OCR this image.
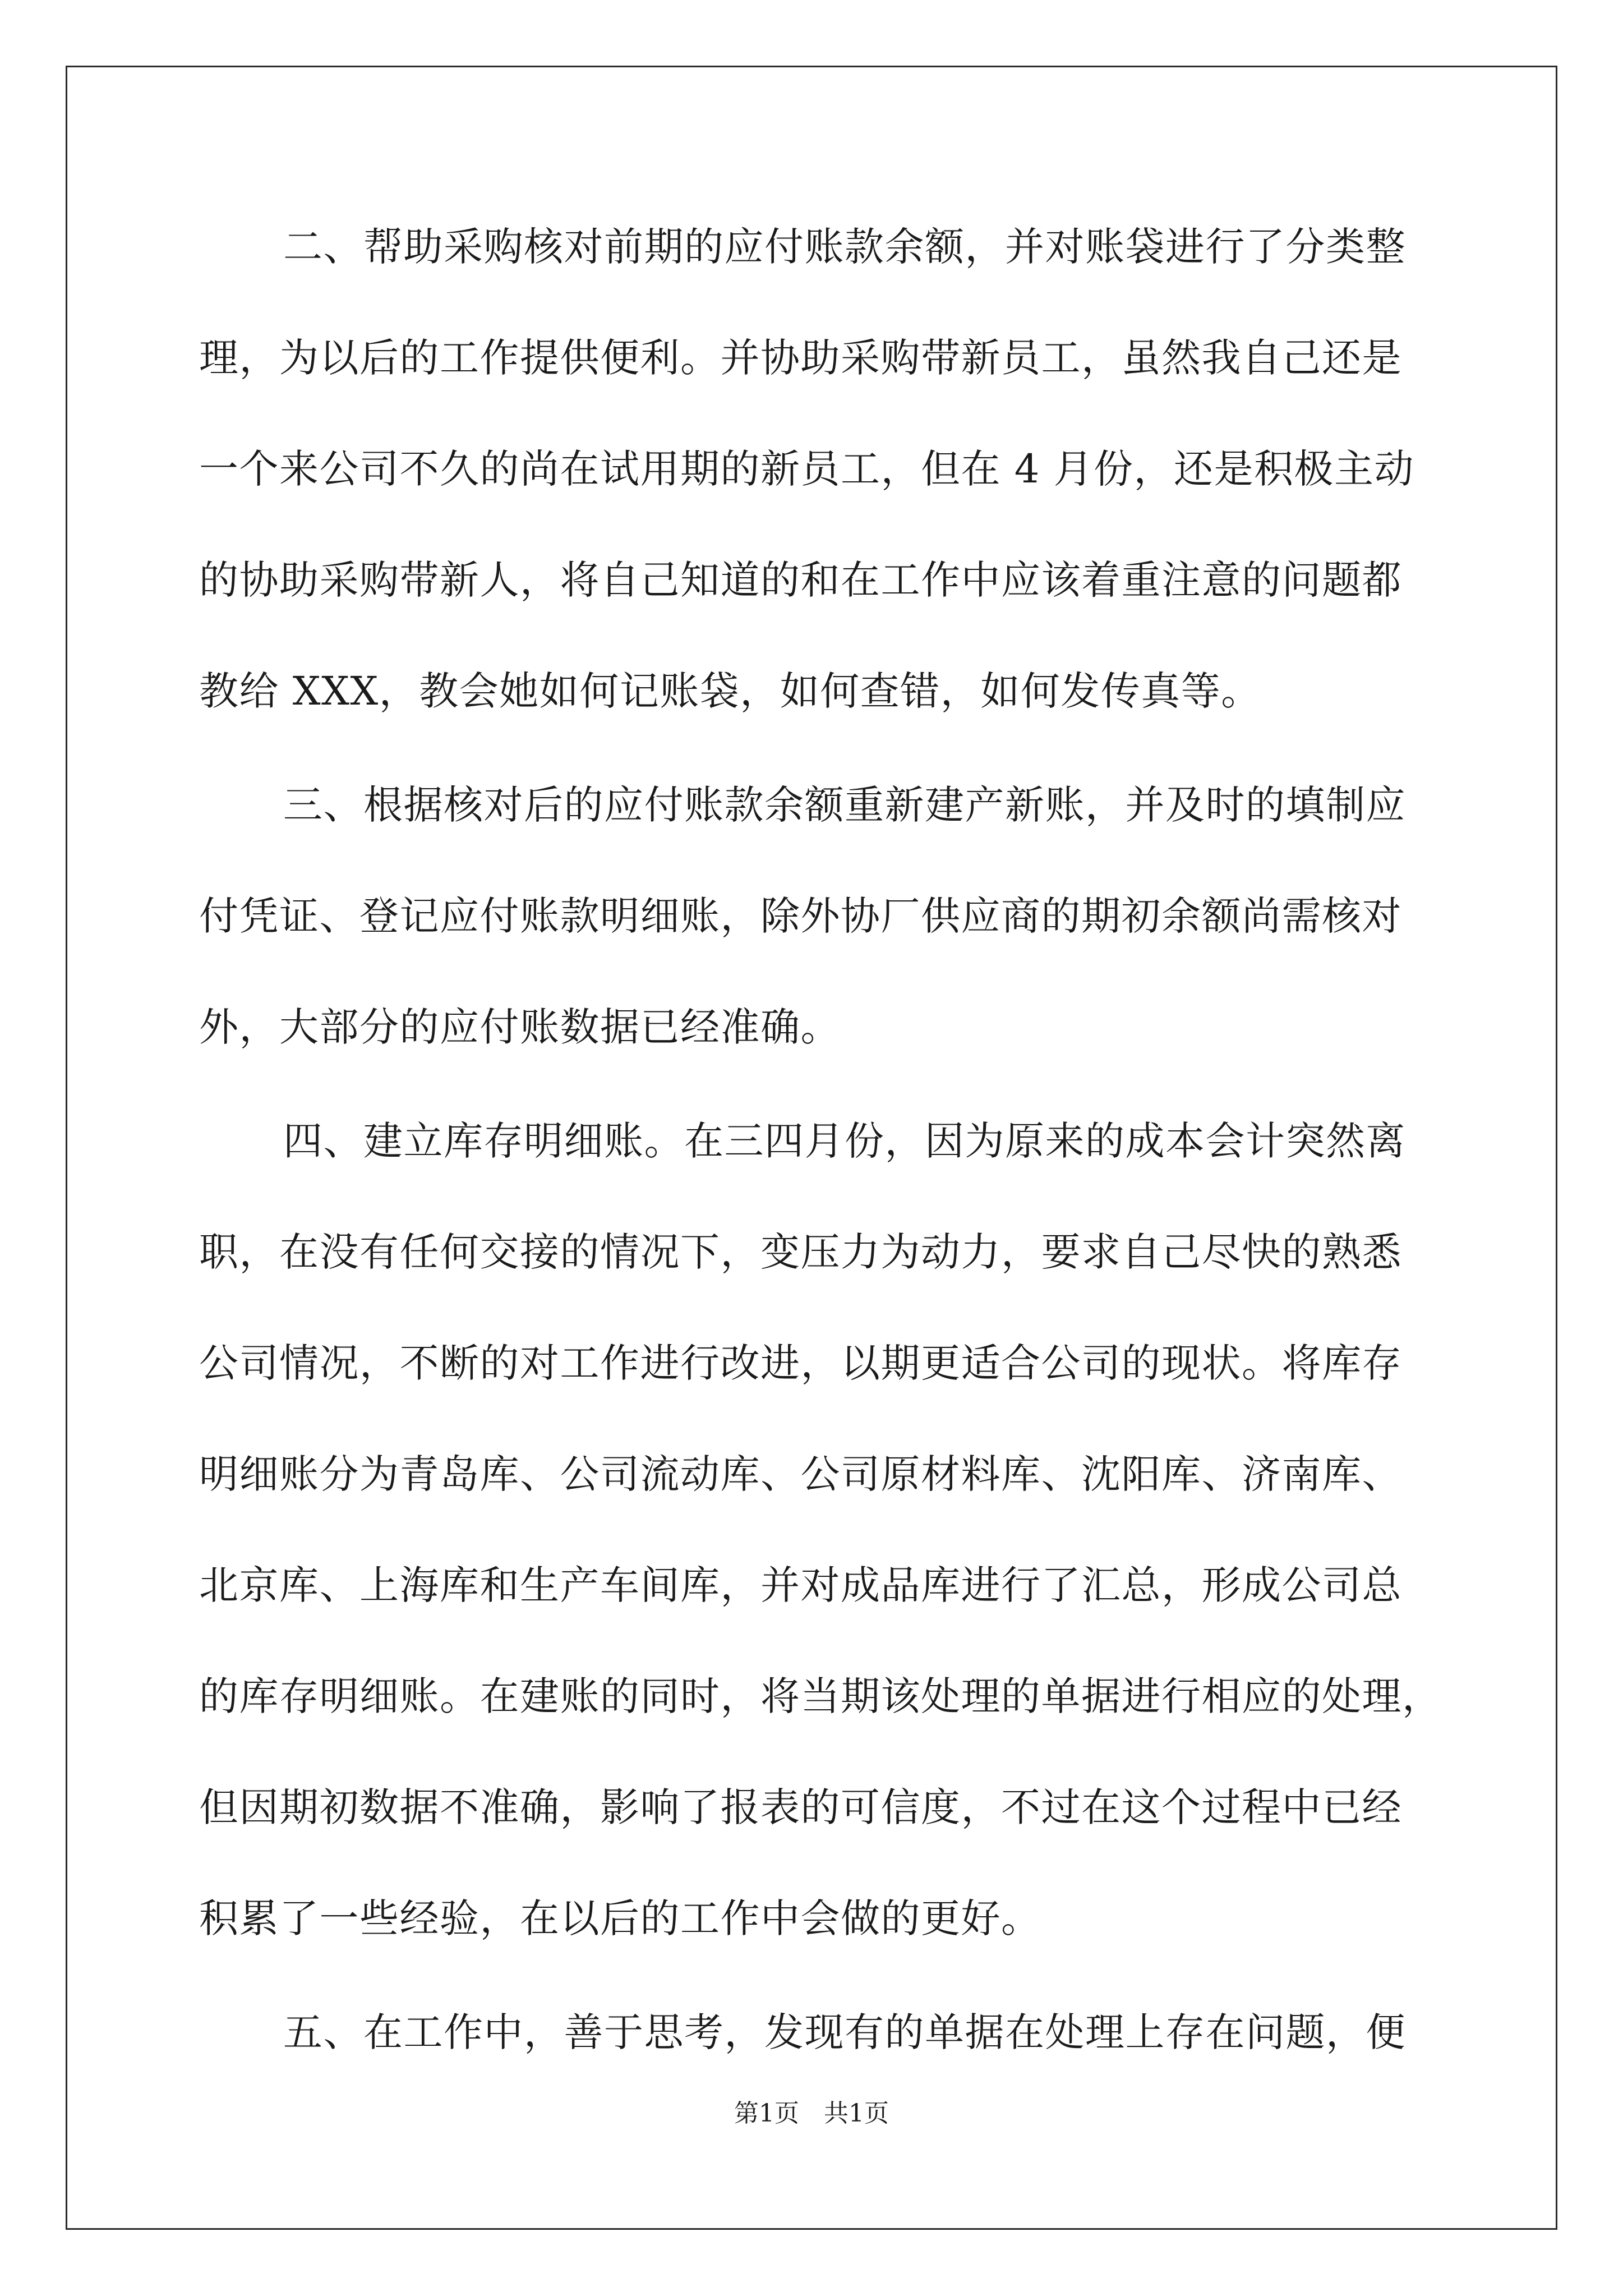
二、帮助采购核对前期的应付账款余额，并对账袋进行了分类整
理，为以后的工作提供便利。并协助采购带新员工，虽然我自己还是
一个来公司不久的尚在试用期的新员工，但在 4 月份，还是积极主动
的协助采购带新人，将自己知道的和在工作中应该着重注意的问题都
教给 XXX，教会她如何记账袋，如何查错，如何发传真等。
三、根据核对后的应付账款余额重新建产新账，并及时的填制应
付凭证、登记应付账款明细账，除外协厂供应商的期初余额尚需核对
外，大部分的应付账数据已经准确。
四、建立库存明细账。在三四月份，因为原来的成本会计突然离
职，在没有任何交接的情况下，变压力为动力，要求自己尽快的熟悉
公司情况，不断的对工作进行改进，以期更适合公司的现状。将库存
明细账分为青岛库、公司流动库、公司原材料库、沈阳库、济南库、
北京库、上海库和生产车间库，并对成品库进行了汇总，形成公司总
的库存明细账。在建账的同时，将当期该处理的单据进行相应的处理，
但因期初数据不准确，影响了报表的可信度，不过在这个过程中已经
积累了一些经验，在以后的工作中会做的更好。
五、在工作中，善于思考，发现有的单据在处理上存在问题，便
第1页　共1页
